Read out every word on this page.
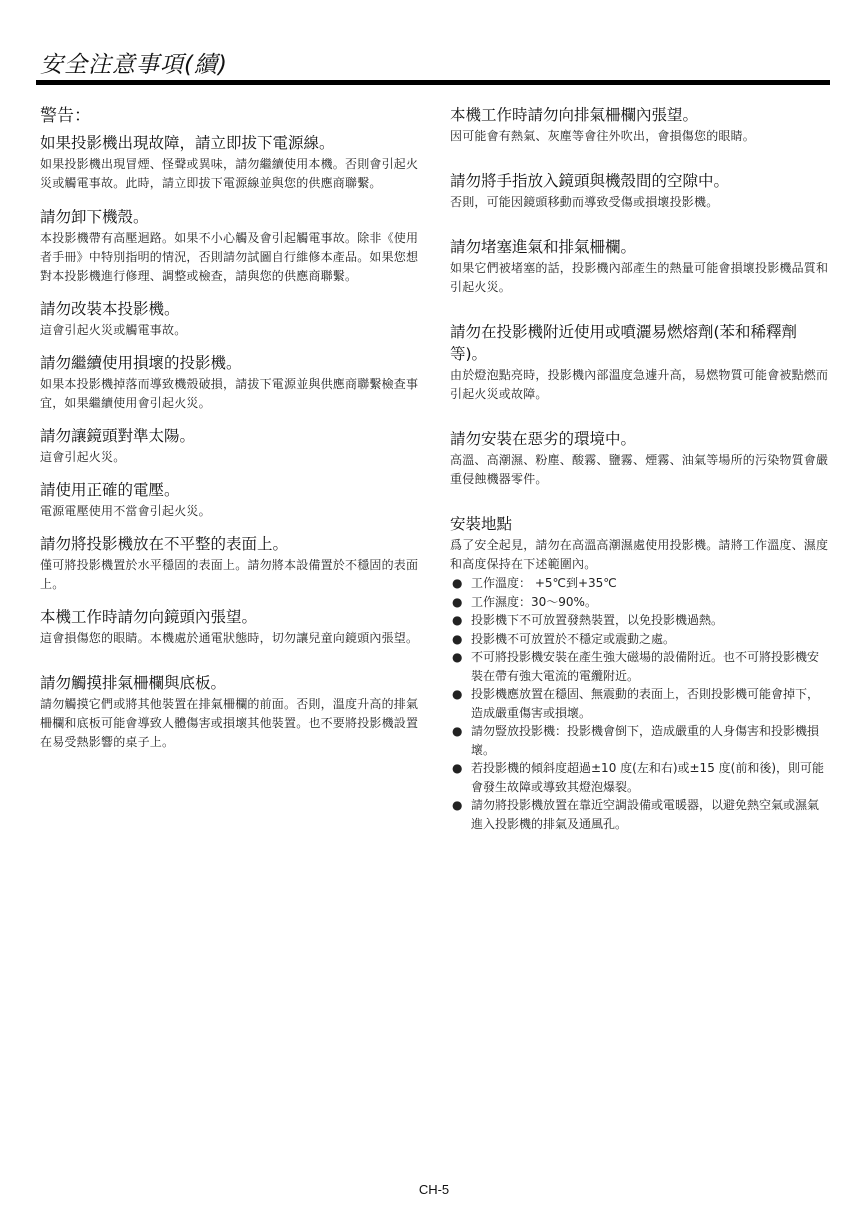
安全注意事項(續)
警告：
如果投影機出現故障，請立即拔下電源線。

如果投影機出現冒煙、怪聲或異味，請勿繼續使用本機。否則會引起火災或觸電事故。此時，請立即拔下電源線並與您的供應商聯繫。

請勿卸下機殼。

本投影機帶有高壓迴路。如果不小心觸及會引起觸電事故。除非《使用者手冊》中特別指明的情況，否則請勿試圖自行維修本產品。如果您想對本投影機進行修理、調整或檢查，請與您的供應商聯繫。

請勿改裝本投影機。

這會引起火災或觸電事故。

請勿繼續使用損壞的投影機。

如果本投影機掉落而導致機殼破損，請拔下電源並與供應商聯繫檢查事宜，如果繼續使用會引起火災。

請勿讓鏡頭對準太陽。

這會引起火災。

請使用正確的電壓。

電源電壓使用不當會引起火災。

請勿將投影機放在不平整的表面上。

僅可將投影機置於水平穩固的表面上。請勿將本設備置於不穩固的表面上。

本機工作時請勿向鏡頭內張望。

這會損傷您的眼睛。本機處於通電狀態時，切勿讓兒童向鏡頭內張望。

請勿觸摸排氣柵欄與底板。

請勿觸摸它們或將其他裝置在排氣柵欄的前面。否則，溫度升高的排氣柵欄和底板可能會導致人體傷害或損壞其他裝置。也不要將投影機設置在易受熱影響的桌子上。

本機工作時請勿向排氣柵欄內張望。

因可能會有熱氣、灰塵等會往外吹出，會損傷您的眼睛。

請勿將手指放入鏡頭與機殼間的空隙中。

否則，可能因鏡頭移動而導致受傷或損壞投影機。

請勿堵塞進氣和排氣柵欄。

如果它們被堵塞的話，投影機內部產生的熱量可能會損壞投影機品質和引起火災。

請勿在投影機附近使用或噴灑易燃熔劑(苯和稀釋劑等)。

由於燈泡點亮時，投影機內部溫度急遽升高，易燃物質可能會被點燃而引起火災或故障。

請勿安裝在惡劣的環境中。

高溫、高潮濕、粉塵、酸霧、鹽霧、煙霧、油氣等場所的污染物質會嚴重侵蝕機器零件。

安裝地點

爲了安全起見，請勿在高溫高潮濕處使用投影機。請將工作溫度、濕度和高度保持在下述範圍內。

● 工作溫度： +5℃到+35℃
● 工作濕度：30～90%。
● 投影機下不可放置發熱裝置，以免投影機過熱。
● 投影機不可放置於不穩定或震動之處。
● 不可將投影機安裝在產生強大磁場的設備附近。也不可將投影機安裝在帶有強大電流的電纜附近。
● 投影機應放置在穩固、無震動的表面上，否則投影機可能會掉下，造成嚴重傷害或損壞。
● 請勿豎放投影機：投影機會倒下，造成嚴重的人身傷害和投影機損壞。
● 若投影機的傾斜度超過±10 度(左和右)或±15 度(前和後)，則可能會發生故障或導致其燈泡爆裂。
● 請勿將投影機放置在靠近空調設備或電暖器，以避免熱空氣或濕氣進入投影機的排氣及通風孔。
CH-5
